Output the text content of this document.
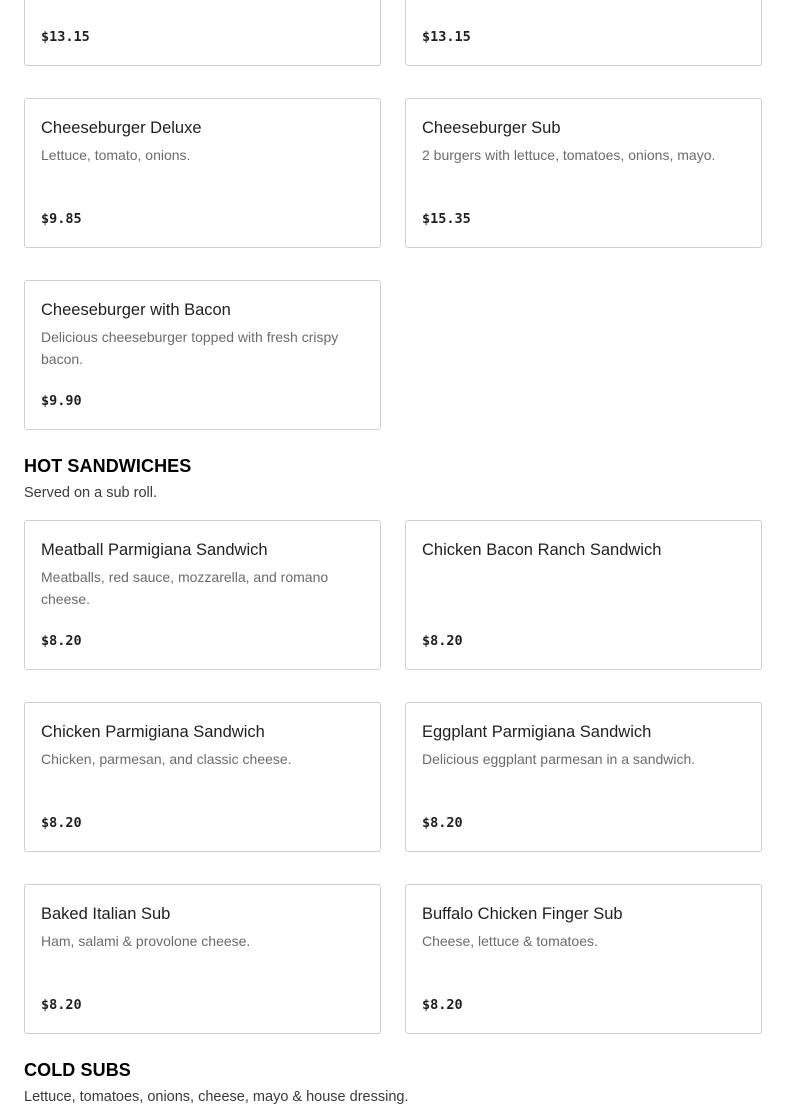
$13.15	$13.15
Cheeseburger Deluxe
Lettuce, tomato, onions.
$9.85
Cheeseburger Sub
2 burgers with lettuce, tomatoes, onions, mayo.
$15.35
Cheeseburger with Bacon
Delicious cheeseburger topped with fresh crispy bacon.
$9.90
HOT SANDWICHES
Served on a sub roll.
Meatball Parmigiana Sandwich
Meatballs, red sauce, mozzarella, and romano cheese.
$8.20
Chicken Bacon Ranch Sandwich
$8.20
Chicken Parmigiana Sandwich
Chicken, parmesan, and classic cheese.
$8.20
Eggplant Parmigiana Sandwich
Delicious eggplant parmesan in a sandwich.
$8.20
Baked Italian Sub
Ham, salami & provolone cheese.
$8.20
Buffalo Chicken Finger Sub
Cheese, lettuce & tomatoes.
$8.20
COLD SUBS
Lettuce, tomatoes, onions, cheese, mayo & house dressing.
